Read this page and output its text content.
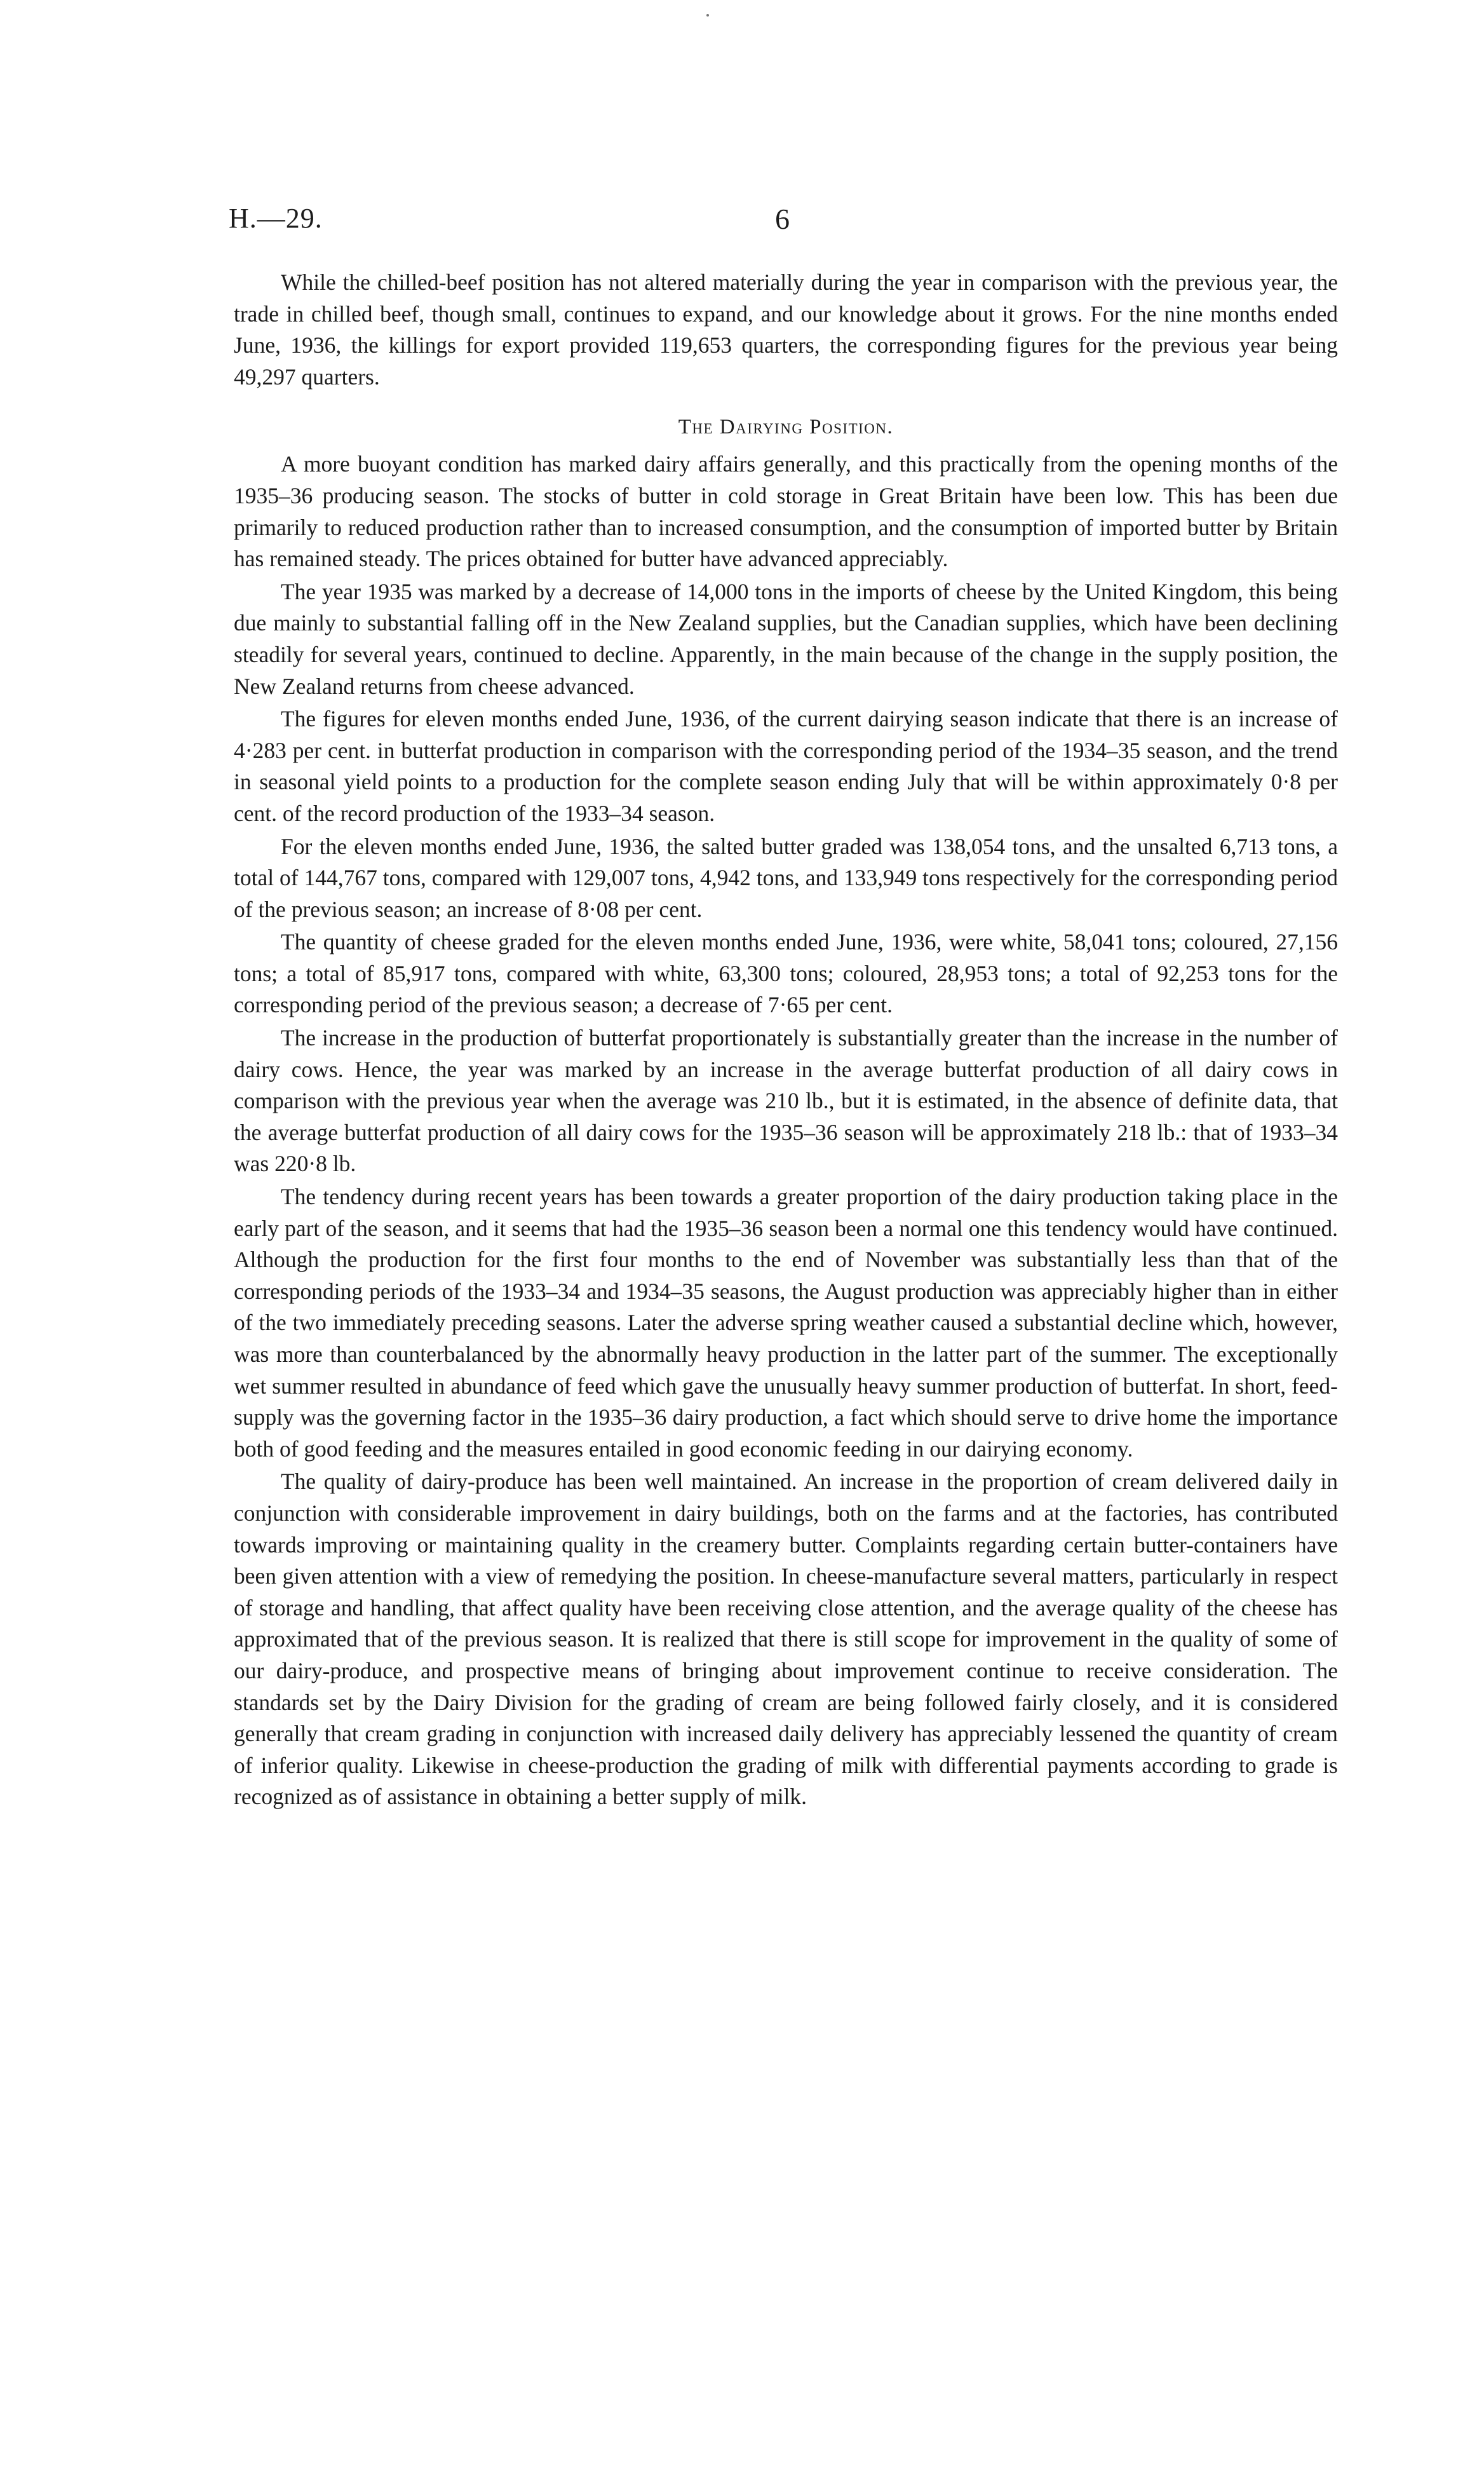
H.—29.	6

While the chilled-beef position has not altered materially during the year in comparison with the previous year, the trade in chilled beef, though small, continues to expand, and our knowledge about it grows. For the nine months ended June, 1936, the killings for export provided 119,653 quarters, the corresponding figures for the previous year being 49,297 quarters.

The Dairying Position.

A more buoyant condition has marked dairy affairs generally, and this practically from the opening months of the 1935–36 producing season. The stocks of butter in cold storage in Great Britain have been low. This has been due primarily to reduced production rather than to increased consumption, and the consumption of imported butter by Britain has remained steady. The prices obtained for butter have advanced appreciably.

The year 1935 was marked by a decrease of 14,000 tons in the imports of cheese by the United Kingdom, this being due mainly to substantial falling off in the New Zealand supplies, but the Canadian supplies, which have been declining steadily for several years, continued to decline. Apparently, in the main because of the change in the supply position, the New Zealand returns from cheese advanced.

The figures for eleven months ended June, 1936, of the current dairying season indicate that there is an increase of 4·283 per cent. in butterfat production in comparison with the corresponding period of the 1934–35 season, and the trend in seasonal yield points to a production for the complete season ending July that will be within approximately 0·8 per cent. of the record production of the 1933–34 season.

For the eleven months ended June, 1936, the salted butter graded was 138,054 tons, and the unsalted 6,713 tons, a total of 144,767 tons, compared with 129,007 tons, 4,942 tons, and 133,949 tons respectively for the corresponding period of the previous season; an increase of 8·08 per cent.

The quantity of cheese graded for the eleven months ended June, 1936, were white, 58,041 tons; coloured, 27,156 tons; a total of 85,917 tons, compared with white, 63,300 tons; coloured, 28,953 tons; a total of 92,253 tons for the corresponding period of the previous season; a decrease of 7·65 per cent.

The increase in the production of butterfat proportionately is substantially greater than the increase in the number of dairy cows. Hence, the year was marked by an increase in the average butterfat production of all dairy cows in comparison with the previous year when the average was 210 lb., but it is estimated, in the absence of definite data, that the average butterfat production of all dairy cows for the 1935–36 season will be approximately 218 lb.: that of 1933–34 was 220·8 lb.

The tendency during recent years has been towards a greater proportion of the dairy production taking place in the early part of the season, and it seems that had the 1935–36 season been a normal one this tendency would have continued. Although the production for the first four months to the end of November was substantially less than that of the corresponding periods of the 1933–34 and 1934–35 seasons, the August production was appreciably higher than in either of the two immediately preceding seasons. Later the adverse spring weather caused a substantial decline which, however, was more than counterbalanced by the abnormally heavy production in the latter part of the summer. The exceptionally wet summer resulted in abundance of feed which gave the unusually heavy summer production of butterfat. In short, feed-supply was the governing factor in the 1935–36 dairy production, a fact which should serve to drive home the importance both of good feeding and the measures entailed in good economic feeding in our dairying economy.

The quality of dairy-produce has been well maintained. An increase in the proportion of cream delivered daily in conjunction with considerable improvement in dairy buildings, both on the farms and at the factories, has contributed towards improving or maintaining quality in the creamery butter. Complaints regarding certain butter-containers have been given attention with a view of remedying the position. In cheese-manufacture several matters, particularly in respect of storage and handling, that affect quality have been receiving close attention, and the average quality of the cheese has approximated that of the previous season. It is realized that there is still scope for improvement in the quality of some of our dairy-produce, and prospective means of bringing about improvement continue to receive consideration. The standards set by the Dairy Division for the grading of cream are being followed fairly closely, and it is considered generally that cream grading in conjunction with increased daily delivery has appreciably lessened the quantity of cream of inferior quality. Likewise in cheese-production the grading of milk with differential payments according to grade is recognized as of assistance in obtaining a better supply of milk.
